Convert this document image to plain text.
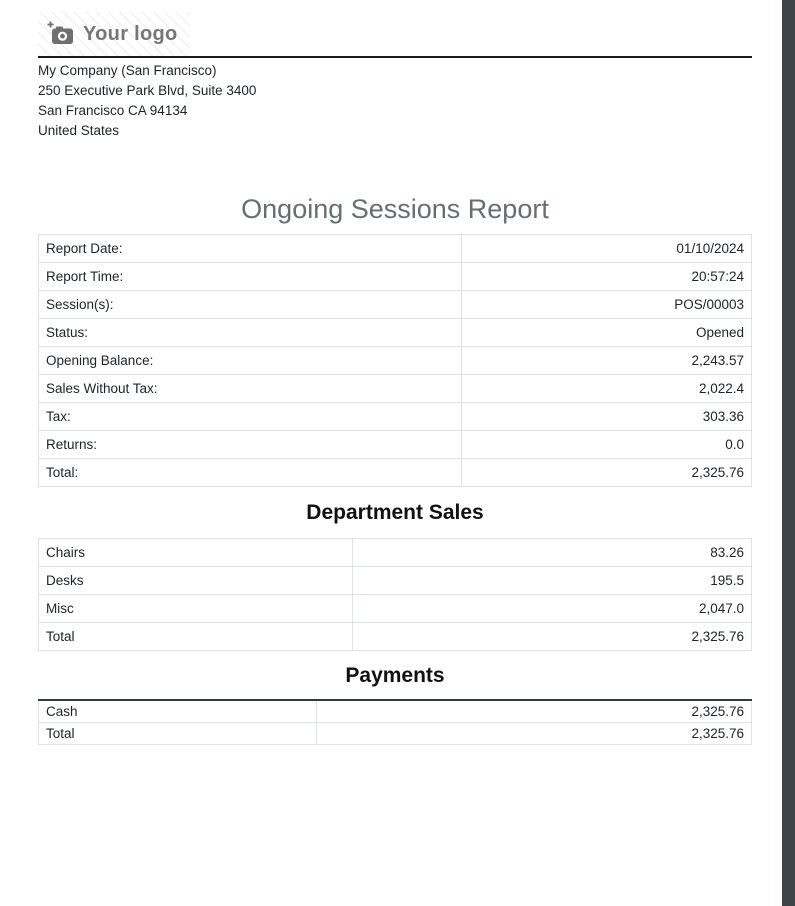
Your logo
My Company (San Francisco)
250 Executive Park Blvd, Suite 3400
San Francisco CA 94134
United States
Ongoing Sessions Report
Report Date:	01/10/2024
Report Time:	20:57:24
Session(s):	POS/00003
Status:	Opened
Opening Balance:	2,243.57
Sales Without Tax:	2,022.4
Tax:	303.36
Returns:	0.0
Total:	2,325.76
Department Sales
Chairs	83.26
Desks	195.5
Misc	2,047.0
Total	2,325.76
Payments
Cash	2,325.76
Total	2,325.76
